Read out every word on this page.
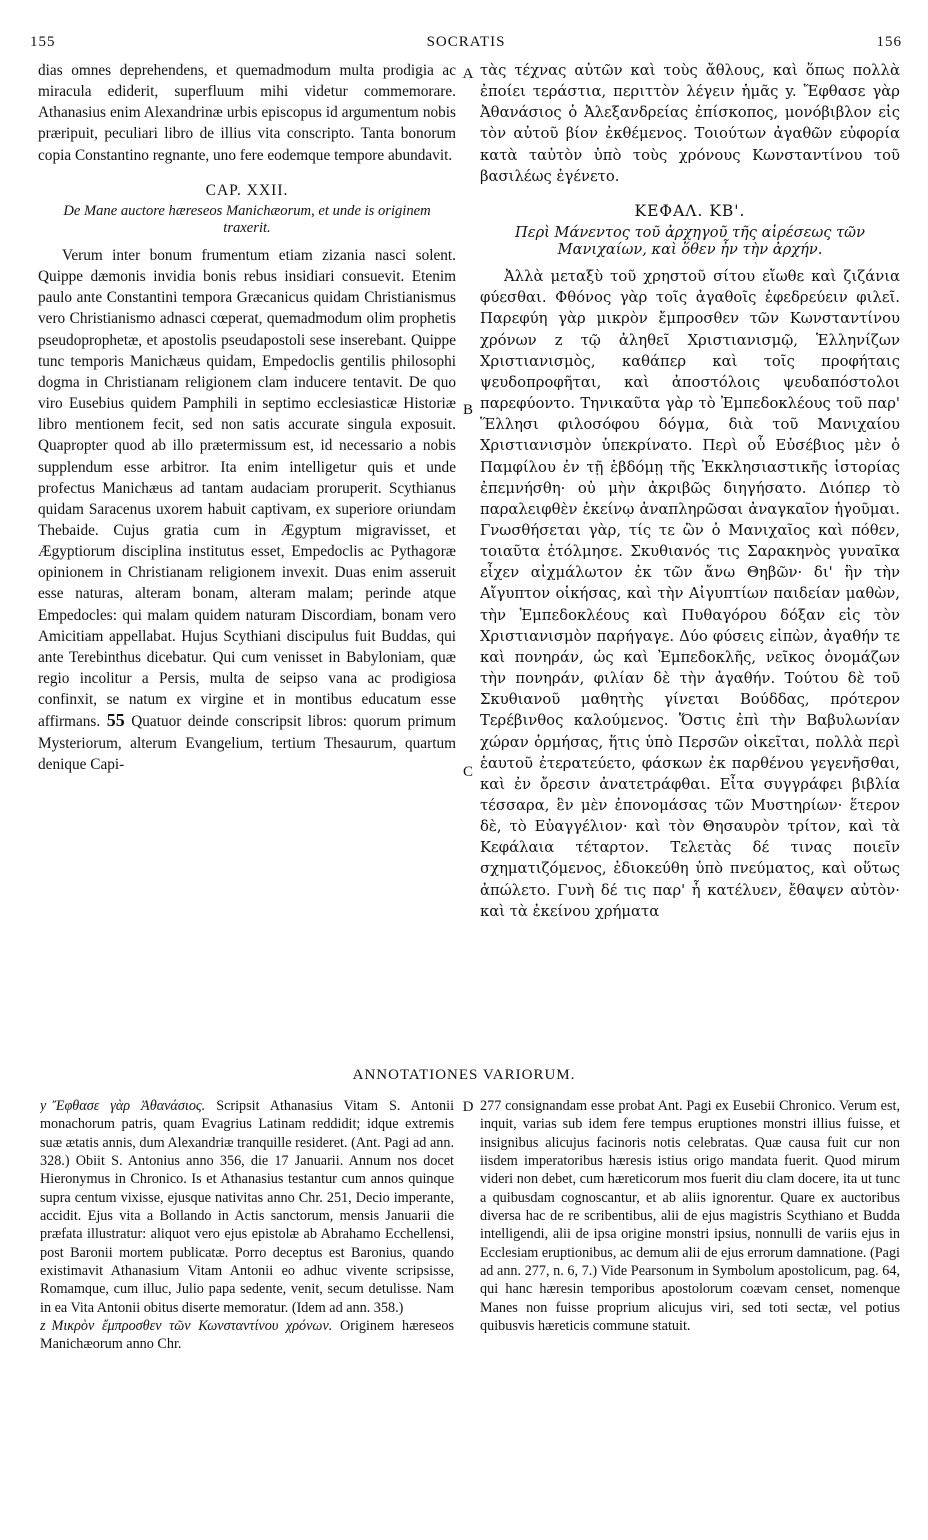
155	SOCRATIS	156

dias omnes deprehendens, et quemadmodum multa prodigia ac miracula ediderit, superfluum mihi videtur commemorare. Athanasius enim Alexandrinæ urbis episcopus id argumentum nobis præripuit, peculiari libro de illius vita conscripto. Tanta bonorum copia Constantino regnante, uno fere eodemque tempore abundavit.

CAP. XXII.
De Mane auctore hæreseos Manichæorum, et unde is originem traxerit.

Verum inter bonum frumentum etiam zizania nasci solent. Quippe dæmonis invidia bonis rebus insidiari consuevit. Etenim paulo ante Constantini tempora Græcanicus quidam Christianismus vero Christianismo adnasci cœperat, quemadmodum olim prophetis pseudoprophetæ, et apostolis pseudapostoli sese inserebant. Quippe tunc temporis Manichæus quidam, Empedoclis gentilis philosophi dogma in Christianam religionem clam inducere tentavit. De quo viro Eusebius quidem Pamphili in septimo ecclesiasticæ Historiæ libro mentionem fecit, sed non satis accurate singula exposuit. Quapropter quod ab illo prætermissum est, id necessario a nobis supplendum esse arbitror. Ita enim intelligetur quis et unde profectus Manichæus ad tantam audaciam proruperit. Scythianus quidam Saracenus uxorem habuit captivam, ex superiore oriundam Thebaide. Cujus gratia cum in Ægyptum migravisset, et Ægyptiorum disciplina institutus esset, Empedoclis ac Pythagoræ opinionem in Christianam religionem invexit. Duas enim asseruit esse naturas, alteram bonam, alteram malam; perinde atque Empedocles: qui malam quidem naturam Discordiam, bonam vero Amicitiam appellabat. Hujus Scythiani discipulus fuit Buddas, qui ante Terebinthus dicebatur. Qui cum venisset in Babyloniam, quæ regio incolitur a Persis, multa de seipso vana ac prodigiosa confinxit, se natum ex virgine et in montibus educatum esse affirmans. 55 Quatuor deinde conscripsit libros: quorum primum Mysteriorum, alterum Evangelium, tertium Thesaurum, quartum denique Capi-

A
B
C

τὰς τέχνας αὐτῶν καὶ τοὺς ἄθλους, καὶ ὅπως πολλὰ ἐποίει τεράστια, περιττὸν λέγειν ἡμᾶς y. Ἔφθασε γὰρ Ἀθανάσιος ὁ Ἀλεξανδρείας ἐπίσκοπος, μονόβιβλον εἰς τὸν αὐτοῦ βίον ἐκθέμενος. Τοιούτων ἀγαθῶν εὐφορία κατὰ ταὐτὸν ὑπὸ τοὺς χρόνους Κωνσταντίνου τοῦ βασιλέως ἐγένετο.

ΚΕΦΑΛ. ΚΒ'.
Περὶ Μάνεντος τοῦ ἀρχηγοῦ τῆς αἱρέσεως τῶν Μανιχαίων, καὶ ὅθεν ἦν τὴν ἀρχήν.

Ἀλλὰ μεταξὺ τοῦ χρηστοῦ σίτου εἴωθε καὶ ζιζάνια φύεσθαι. Φθόνος γὰρ τοῖς ἀγαθοῖς ἐφεδρεύειν φιλεῖ. Παρεφύη γὰρ μικρὸν ἔμπροσθεν τῶν Κωνσταντίνου χρόνων z τῷ ἀληθεῖ Χριστιανισμῷ, Ἑλληνίζων Χριστιανισμὸς, καθάπερ καὶ τοῖς προφήταις ψευδοπροφῆται, καὶ ἀποστόλοις ψευδαπόστολοι παρεφύοντο. Τηνικαῦτα γὰρ τὸ Ἐμπεδοκλέους τοῦ παρ' Ἕλλησι φιλοσόφου δόγμα, διὰ τοῦ Μανιχαίου Χριστιανισμὸν ὑπεκρίνατο. Περὶ οὗ Εὐσέβιος μὲν ὁ Παμφίλου ἐν τῇ ἑβδόμῃ τῆς Ἐκκλησιαστικῆς ἱστορίας ἐπεμνήσθη· οὐ μὴν ἀκριβῶς διηγήσατο. Διόπερ τὸ παραλειφθὲν ἐκείνῳ ἀναπληρῶσαι ἀναγκαῖον ἡγοῦμαι. Γνωσθήσεται γὰρ, τίς τε ὢν ὁ Μανιχαῖος καὶ πόθεν, τοιαῦτα ἐτόλμησε. Σκυθιανός τις Σαρακηνὸς γυναῖκα εἶχεν αἰχμάλωτον ἐκ τῶν ἄνω Θηβῶν· δι' ἣν τὴν Αἴγυπτον οἰκήσας, καὶ τὴν Αἰγυπτίων παιδείαν μαθὼν, τὴν Ἐμπεδοκλέους καὶ Πυθαγόρου δόξαν εἰς τὸν Χριστιανισμὸν παρήγαγε. Δύο φύσεις εἰπὼν, ἀγαθήν τε καὶ πονηράν, ὡς καὶ Ἐμπεδοκλῆς, νεῖκος ὀνομάζων τὴν πονηράν, φιλίαν δὲ τὴν ἀγαθήν. Τούτου δὲ τοῦ Σκυθιανοῦ μαθητὴς γίνεται Βούδδας, πρότερον Τερέβινθος καλούμενος. Ὅστις ἐπὶ τὴν Βαβυλωνίαν χώραν ὁρμήσας, ἥτις ὑπὸ Περσῶν οἰκεῖται, πολλὰ περὶ ἑαυτοῦ ἐτερατεύετο, φάσκων ἐκ παρθένου γεγενῆσθαι, καὶ ἐν ὄρεσιν ἀνατετράφθαι. Εἶτα συγγράφει βιβλία τέσσαρα, ἓν μὲν ἐπονομάσας τῶν Μυστηρίων· ἕτερον δὲ, τὸ Εὐαγγέλιον· καὶ τὸν Θησαυρὸν τρίτον, καὶ τὰ Κεφάλαια τέταρτον. Τελετὰς δέ τινας ποιεῖν σχηματιζόμενος, ἐδιοκεύθη ὑπὸ πνεύματος, καὶ οὕτως ἀπώλετο. Γυνὴ δέ τις παρ' ἧ κατέλυεν, ἔθαψεν αὐτὸν· καὶ τὰ ἐκείνου χρήματα

ANNOTATIONES VARIORUM.

y Ἔφθασε γὰρ Ἀθανάσιος. Scripsit Athanasius Vitam S. Antonii monachorum patris, quam Evagrius Latinam reddidit; idque extremis suæ ætatis annis, dum Alexandriæ tranquille resideret. (Ant. Pagi ad ann. 328.) Obiit S. Antonius anno 356, die 17 Januarii. Annum nos docet Hieronymus in Chronico. Is et Athanasius testantur cum annos quinque supra centum vixisse, ejusque nativitas anno Chr. 251, Decio imperante, accidit. Ejus vita a Bollando in Actis sanctorum, mensis Januarii die præfata illustratur: aliquot vero ejus epistolæ ab Abrahamo Ecchellensi, post Baronii mortem publicatæ. Porro deceptus est Baronius, quando existimavit Athanasium Vitam Antonii eo adhuc vivente scripsisse, Romamque, cum illuc, Julio papa sedente, venit, secum detulisse. Nam in ea Vita Antonii obitus diserte memoratur. (Idem ad ann. 358.)

z Μικρὸν ἔμπροσθεν τῶν Κωνσταντίνου χρόνων. Originem hæreseos Manichæorum anno Chr.

D 277 consignandam esse probat Ant. Pagi ex Eusebii Chronico. Verum est, inquit, varias sub idem fere tempus eruptiones monstri illius fuisse, et insignibus alicujus facinoris notis celebratas. Quæ causa fuit cur non iisdem imperatoribus hæresis istius origo mandata fuerit. Quod mirum videri non debet, cum hæreticorum mos fuerit diu clam docere, ita ut tunc a quibusdam cognoscantur, et ab aliis ignorentur. Quare ex auctoribus diversa hac de re scribentibus, alii de ejus magistris Scythiano et Budda intelligendi, alii de ipsa origine monstri ipsius, nonnulli de variis ejus in Ecclesiam eruptionibus, ac demum alii de ejus errorum damnatione. (Pagi ad ann. 277, n. 6, 7.) Vide Pearsonum in Symbolum apostolicum, pag. 64, qui hanc hæresin temporibus apostolorum coævam censet, nomenque Manes non fuisse proprium alicujus viri, sed toti sectæ, vel potius quibusvis hæreticis commune statuit.
